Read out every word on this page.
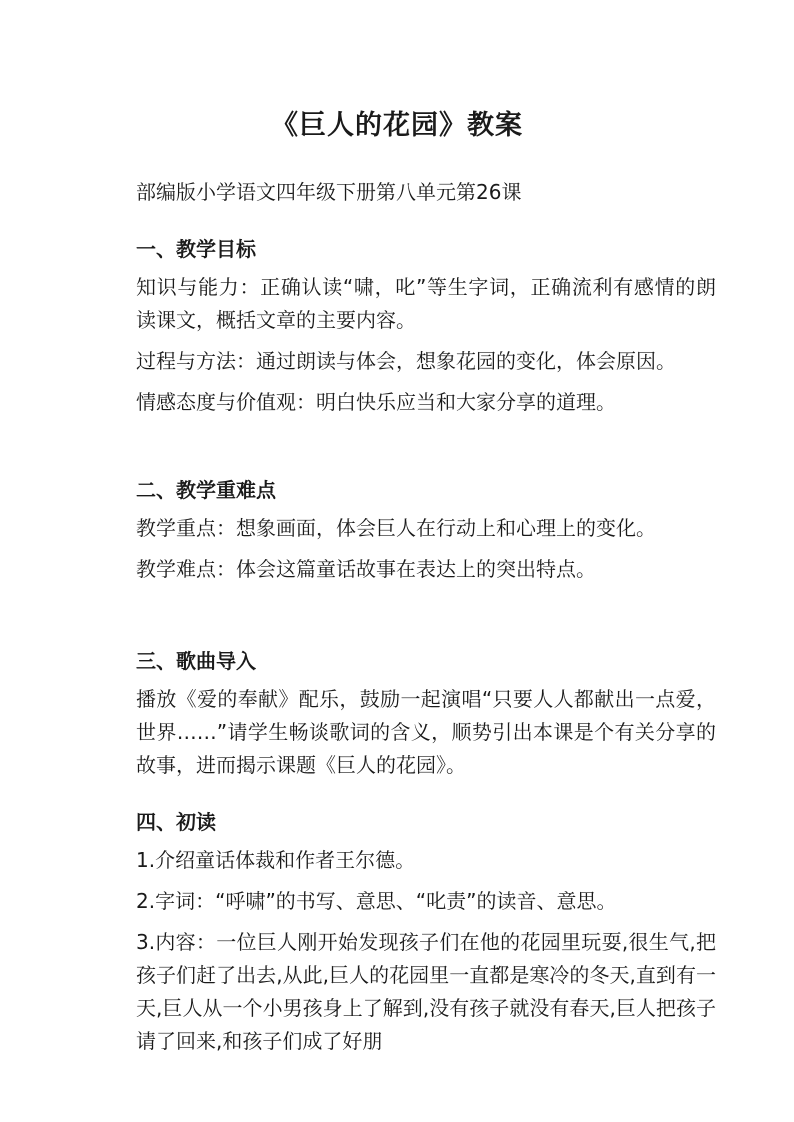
《巨人的花园》教案
部编版小学语文四年级下册第八单元第26课
一、教学目标

知识与能力：正确认读“啸，叱”等生字词，正确流利有感情的朗读课文，概括文章的主要内容。

过程与方法：通过朗读与体会，想象花园的变化，体会原因。

情感态度与价值观：明白快乐应当和大家分享的道理。

二、教学重难点

教学重点：想象画面，体会巨人在行动上和心理上的变化。

教学难点：体会这篇童话故事在表达上的突出特点。

三、歌曲导入

播放《爱的奉献》配乐，鼓励一起演唱“只要人人都献出一点爱，世界……”请学生畅谈歌词的含义，顺势引出本课是个有关分享的故事，进而揭示课题《巨人的花园》。

四、初读

1.介绍童话体裁和作者王尔德。

2.字词：“呼啸”的书写、意思、“叱责”的读音、意思。

3.内容：一位巨人刚开始发现孩子们在他的花园里玩耍,很生气,把孩子们赶了出去,从此,巨人的花园里一直都是寒冷的冬天,直到有一天,巨人从一个小男孩身上了解到,没有孩子就没有春天,巨人把孩子请了回来,和孩子们成了好朋
